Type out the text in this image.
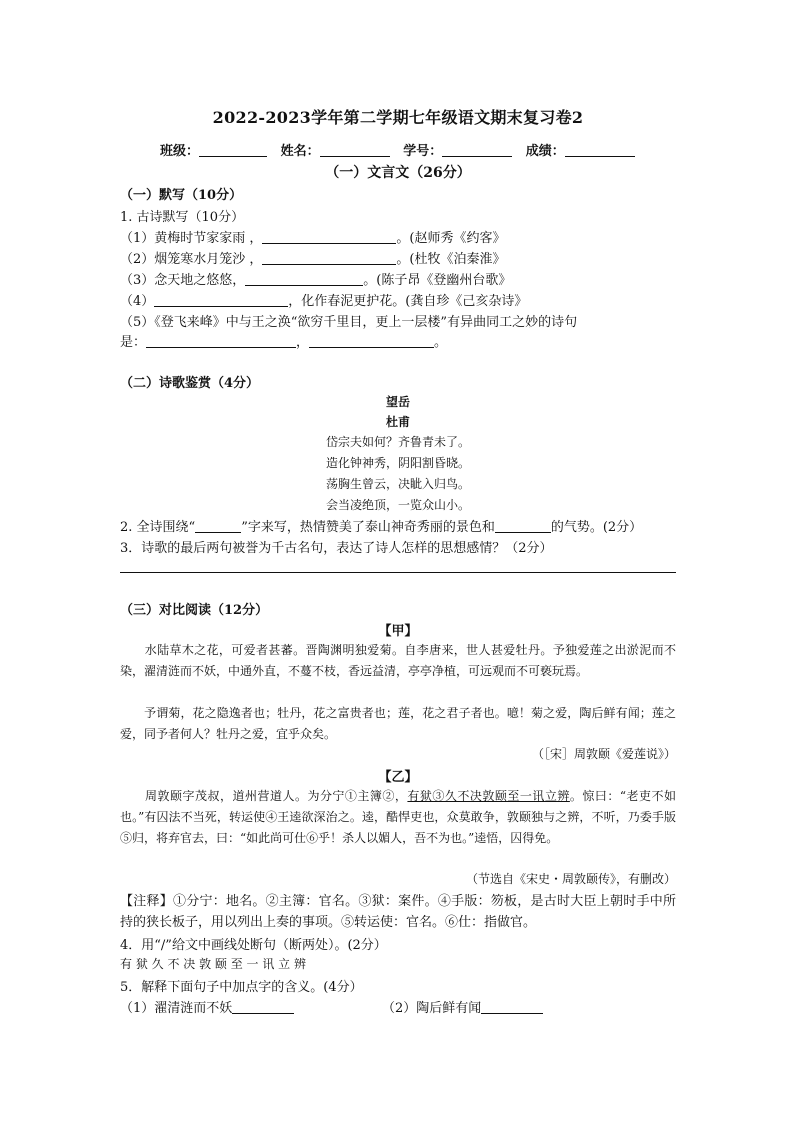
2022-2023学年第二学期七年级语文期末复习卷2
班级：	姓名：	学号：	成绩：
（一）文言文（26分）
（一）默写（10分）
1. 古诗默写（10分）
（1）黄梅时节家家雨 ，	。(赵师秀《约客》
（2）烟笼寒水月笼沙 ，	。(杜牧《泊秦淮》
（3）念天地之悠悠，	。(陈子昂《登幽州台歌》
（4）	，化作春泥更护花。(龚自珍《己亥杂诗》
（5）《登飞来峰》中与王之涣“欲穷千里目，更上一层楼”有异曲同工之妙的诗句
是：	，	。
（二）诗歌鉴赏（4分）
望岳
杜甫
岱宗夫如何？齐鲁青未了。
造化钟神秀，阴阳割昏晓。
荡胸生曾云，决眦入归鸟。
会当凌绝顶，一览众山小。
2. 全诗围绕“	”字来写，热情赞美了泰山神奇秀丽的景色和	的气势。(2分）
3．诗歌的最后两句被誉为千古名句，表达了诗人怎样的思想感情？（2分）
（三）对比阅读（12分）
【甲】
　　水陆草木之花，可爱者甚蕃。晋陶渊明独爱菊。自李唐来，世人甚爱牡丹。予独爱莲之出淤泥而不染，濯清涟而不妖，中通外直，不蔓不枝，香远益清，亭亭净植，可远观而不可亵玩焉。
　　予谓菊，花之隐逸者也；牡丹，花之富贵者也；莲，花之君子者也。噫！菊之爱，陶后鲜有闻；莲之爱，同予者何人？牡丹之爱，宜乎众矣。
（［宋］周敦颐《爱莲说》）
【乙】
　　周敦颐字茂叔，道州营道人。为分宁①主簿②，有狱③久不决敦颐至一讯立辨。惊曰：“老吏不如也。”有囚法不当死，转运使④王逵欲深治之。逵，酷悍吏也，众莫敢争，敦颐独与之辨，不听，乃委手版⑤归，将弃官去，曰：“如此尚可仕⑥乎！杀人以媚人，吾不为也。”逵悟，囚得免。
（节选自《宋史・周敦颐传》，有删改）
【注释】①分宁：地名。②主簿：官名。③狱：案件。④手版：笏板，是古时大臣上朝时手中所持的狭长板子，用以列出上奏的事项。⑤转运使：官名。⑥仕：指做官。
4．用“/”给文中画线处断句（断两处）。(2分）
有 狱 久 不 决 敦 颐 至 一 讯 立 辨
5．解释下面句子中加点字的含义。(4分）
（1）濯清涟而不妖	（2）陶后鲜有闻
